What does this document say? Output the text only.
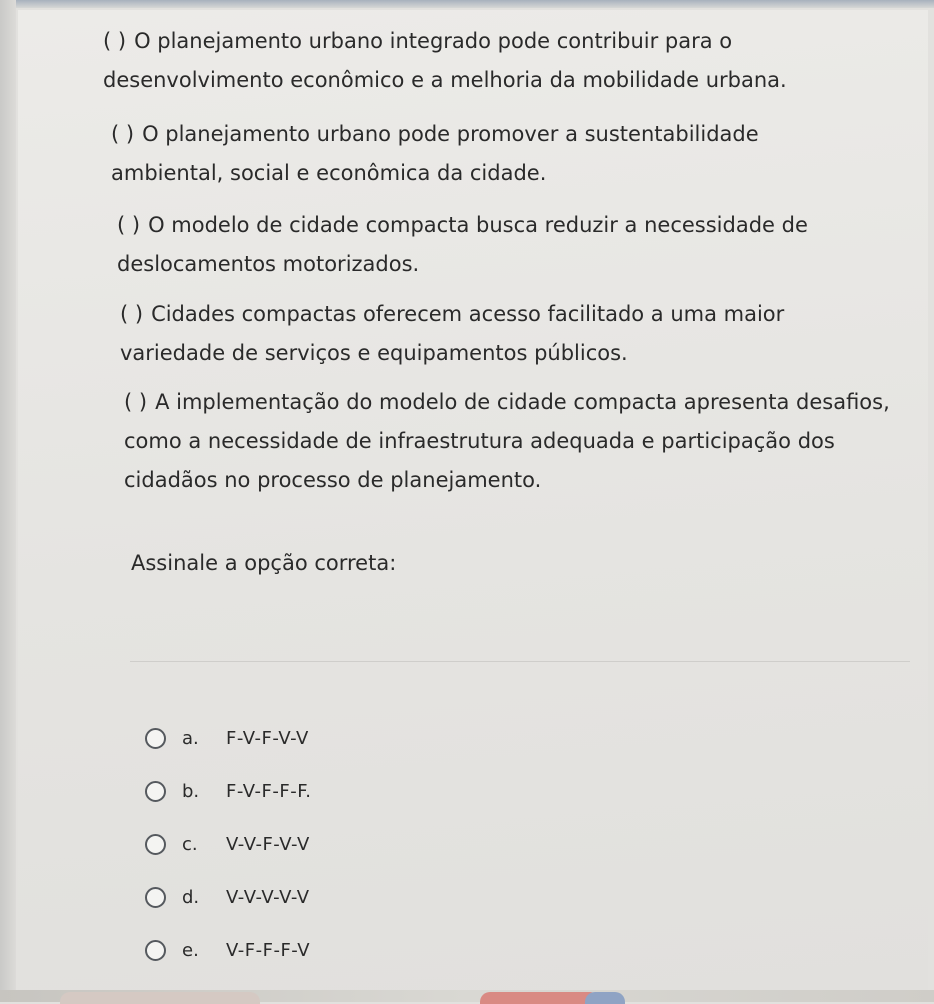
( ) O planejamento urbano integrado pode contribuir para o
desenvolvimento econômico e a melhoria da mobilidade urbana.
( ) O planejamento urbano pode promover a sustentabilidade
ambiental, social e econômica da cidade.
( ) O modelo de cidade compacta busca reduzir a necessidade de
deslocamentos motorizados.
( ) Cidades compactas oferecem acesso facilitado a uma maior
variedade de serviços e equipamentos públicos.
( ) A implementação do modelo de cidade compacta apresenta desafios,
como a necessidade de infraestrutura adequada e participação dos
cidadãos no processo de planejamento.

Assinale a opção correta:

a.	F-V-F-V-V
b.	F-V-F-F-F.
c.	V-V-F-V-V
d.	V-V-V-V-V
e.	V-F-F-F-V
